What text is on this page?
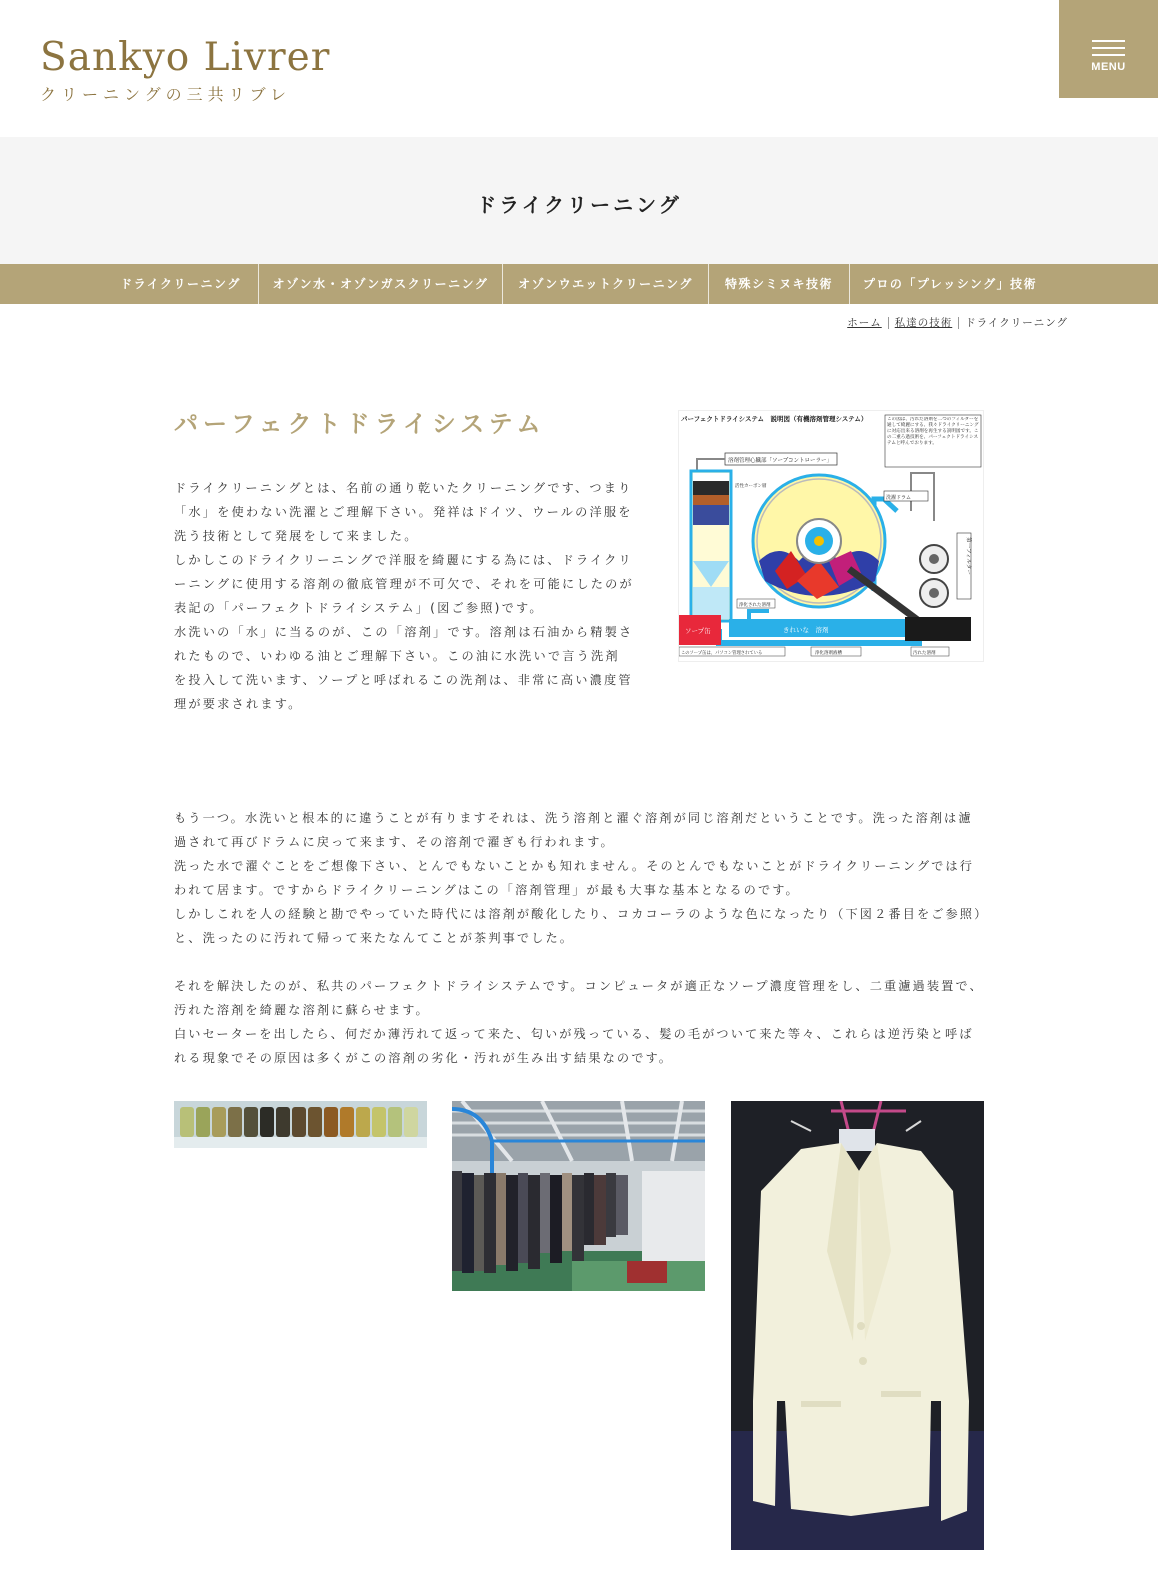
Sankyo Livrer
クリーニングの三共リブレ
MENU
ドライクリーニング
ドライクリーニング	オゾン水・オゾンガスクリーニング	オゾンウエットクリーニング	特殊シミヌキ技術	プロの「プレッシング」技術
ホーム 私達の技術 ドライクリーニング
パーフェクトドライシステム

ドライクリーニングとは、名前の通り乾いたクリーニングです、つまり「水」を使わない洗濯とご理解下さい。発祥はドイツ、ウールの洋服を洗う技術として発展をして来ました。

しかしこのドライクリーニングで洋服を綺麗にする為には、ドライクリーニングに使用する溶剤の徹底管理が不可欠で、それを可能にしたのが表記の「パーフェクトドライシステム」(図ご参照)です。

水洗いの「水」に当るのが、この「溶剤」です。溶剤は石油から精製されたもので、いわゆる油とご理解下さい。この油に水洗いで言う洗剤を投入して洗います、ソープと呼ばれるこの洗剤は、非常に高い濃度管理が要求されます。

パーフェクトドライシステム　説明図（有機溶剤管理システム）	この図は、汚れた溶剤を二つのフィルターを通して綺麗にする、我々ドライクリーニングに対応出来る溶剤を再生する説明図です。この二重ろ過技術を、パーフェクトドライシステムと呼んでおります。
溶剤管理心臓部「ソープコントローラー」
活性カーボン層
洗濯ドラム
第一フィルター
ソープ缶
浄化された溶剤
きれいな　溶剤
汚れた溶剤
このソープ缶は、パソコン管理されている	浄化溶剤液槽

もう一つ。水洗いと根本的に違うことが有りますそれは、洗う溶剤と濯ぐ溶剤が同じ溶剤だということです。洗った溶剤は濾過されて再びドラムに戻って来ます、その溶剤で濯ぎも行われます。

洗った水で濯ぐことをご想像下さい、とんでもないことかも知れません。そのとんでもないことがドライクリーニングでは行われて居ます。ですからドライクリーニングはこの「溶剤管理」が最も大事な基本となるのです。

しかしこれを人の経験と勘でやっていた時代には溶剤が酸化したり、コカコーラのような色になったり（下図２番目をご参照）と、洗ったのに汚れて帰って来たなんてことが茶判事でした。

それを解決したのが、私共のパーフェクトドライシステムです。コンピュータが適正なソープ濃度管理をし、二重濾過装置で、汚れた溶剤を綺麗な溶剤に蘇らせます。

白いセーターを出したら、何だか薄汚れて返って来た、匂いが残っている、髪の毛がついて来た等々、これらは逆汚染と呼ばれる現象でその原因は多くがこの溶剤の劣化・汚れが生み出す結果なのです。
